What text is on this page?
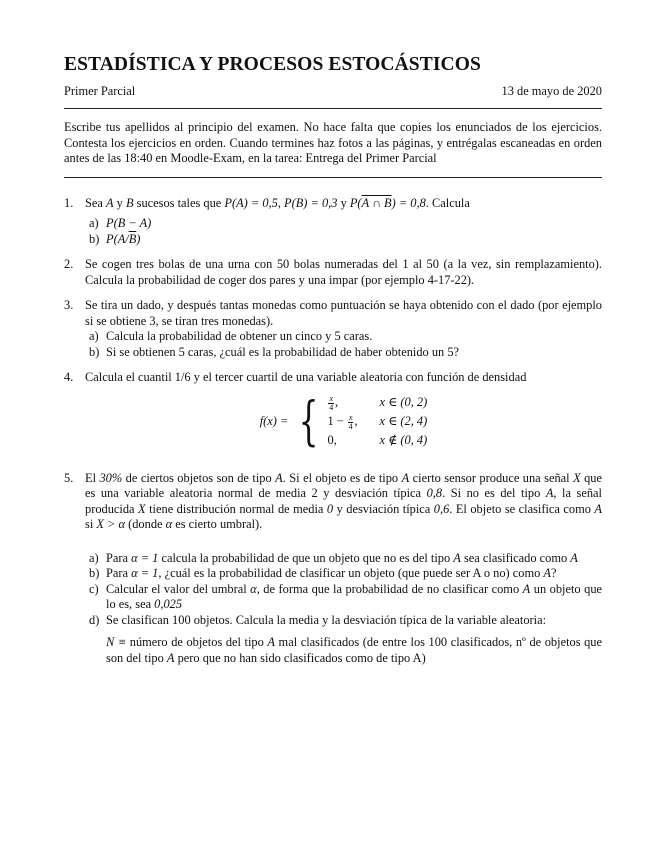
ESTADÍSTICA Y PROCESOS ESTOCÁSTICOS
Primer Parcial	13 de mayo de 2020
Escribe tus apellidos al principio del examen. No hace falta que copies los enunciados de los ejercicios. Contesta los ejercicios en orden. Cuando termines haz fotos a las páginas, y entrégalas escaneadas en orden antes de las 18:40 en Moodle-Exam, en la tarea: Entrega del Primer Parcial
1. Sea A y B sucesos tales que P(A) = 0,5, P(B) = 0,3 y P(A ∩ B) = 0,8. Calcula
a) P(B − A)
b) $P(A/\overline{B})$
2. Se cogen tres bolas de una urna con 50 bolas numeradas del 1 al 50 (a la vez, sin remplazamiento). Calcula la probabilidad de coger dos pares y una impar (por ejemplo 4-17-22).
3. Se tira un dado, y después tantas monedas como puntuación se haya obtenido con el dado (por ejemplo si se obtiene 3, se tiran tres monedas).
a) Calcula la probabilidad de obtener un cinco y 5 caras.
b) Si se obtienen 5 caras, ¿cuál es la probabilidad de haber obtenido un 5?
4. Calcula el cuantil 1/6 y el tercer cuartil de una variable aleatoria con función de densidad
f(x) = { $\frac{x}{4}$ ,	x ∈ (0, 2)
$1 - \frac{x}{4}$ , x ∈ (2, 4)
0,	x ∉ (0, 4)
5. El 30% de ciertos objetos son de tipo A. Si el objeto es de tipo A cierto sensor produce una señal X que es una variable aleatoria normal de media 2 y desviación típica 0,8. Si no es del tipo A, la señal producida X tiene distribución normal de media 0 y desviación típica 0,6. El objeto se clasifica como A si X > α (donde α es cierto umbral).
a) Para α = 1 calcula la probabilidad de que un objeto que no es del tipo A sea clasificado como A
b) Para α = 1, ¿cuál es la probabilidad de clasificar un objeto (que puede ser A o no) como A?
c) Calcular el valor del umbral α, de forma que la probabilidad de no clasificar como A un objeto que lo es, sea 0,025
d) Se clasifican 100 objetos. Calcula la media y la desviación típica de la variable aleatoria:
N ≡ número de objetos del tipo A mal clasificados (de entre los 100 clasificados, nº de objetos que son del tipo A pero que no han sido clasificados como de tipo A)
